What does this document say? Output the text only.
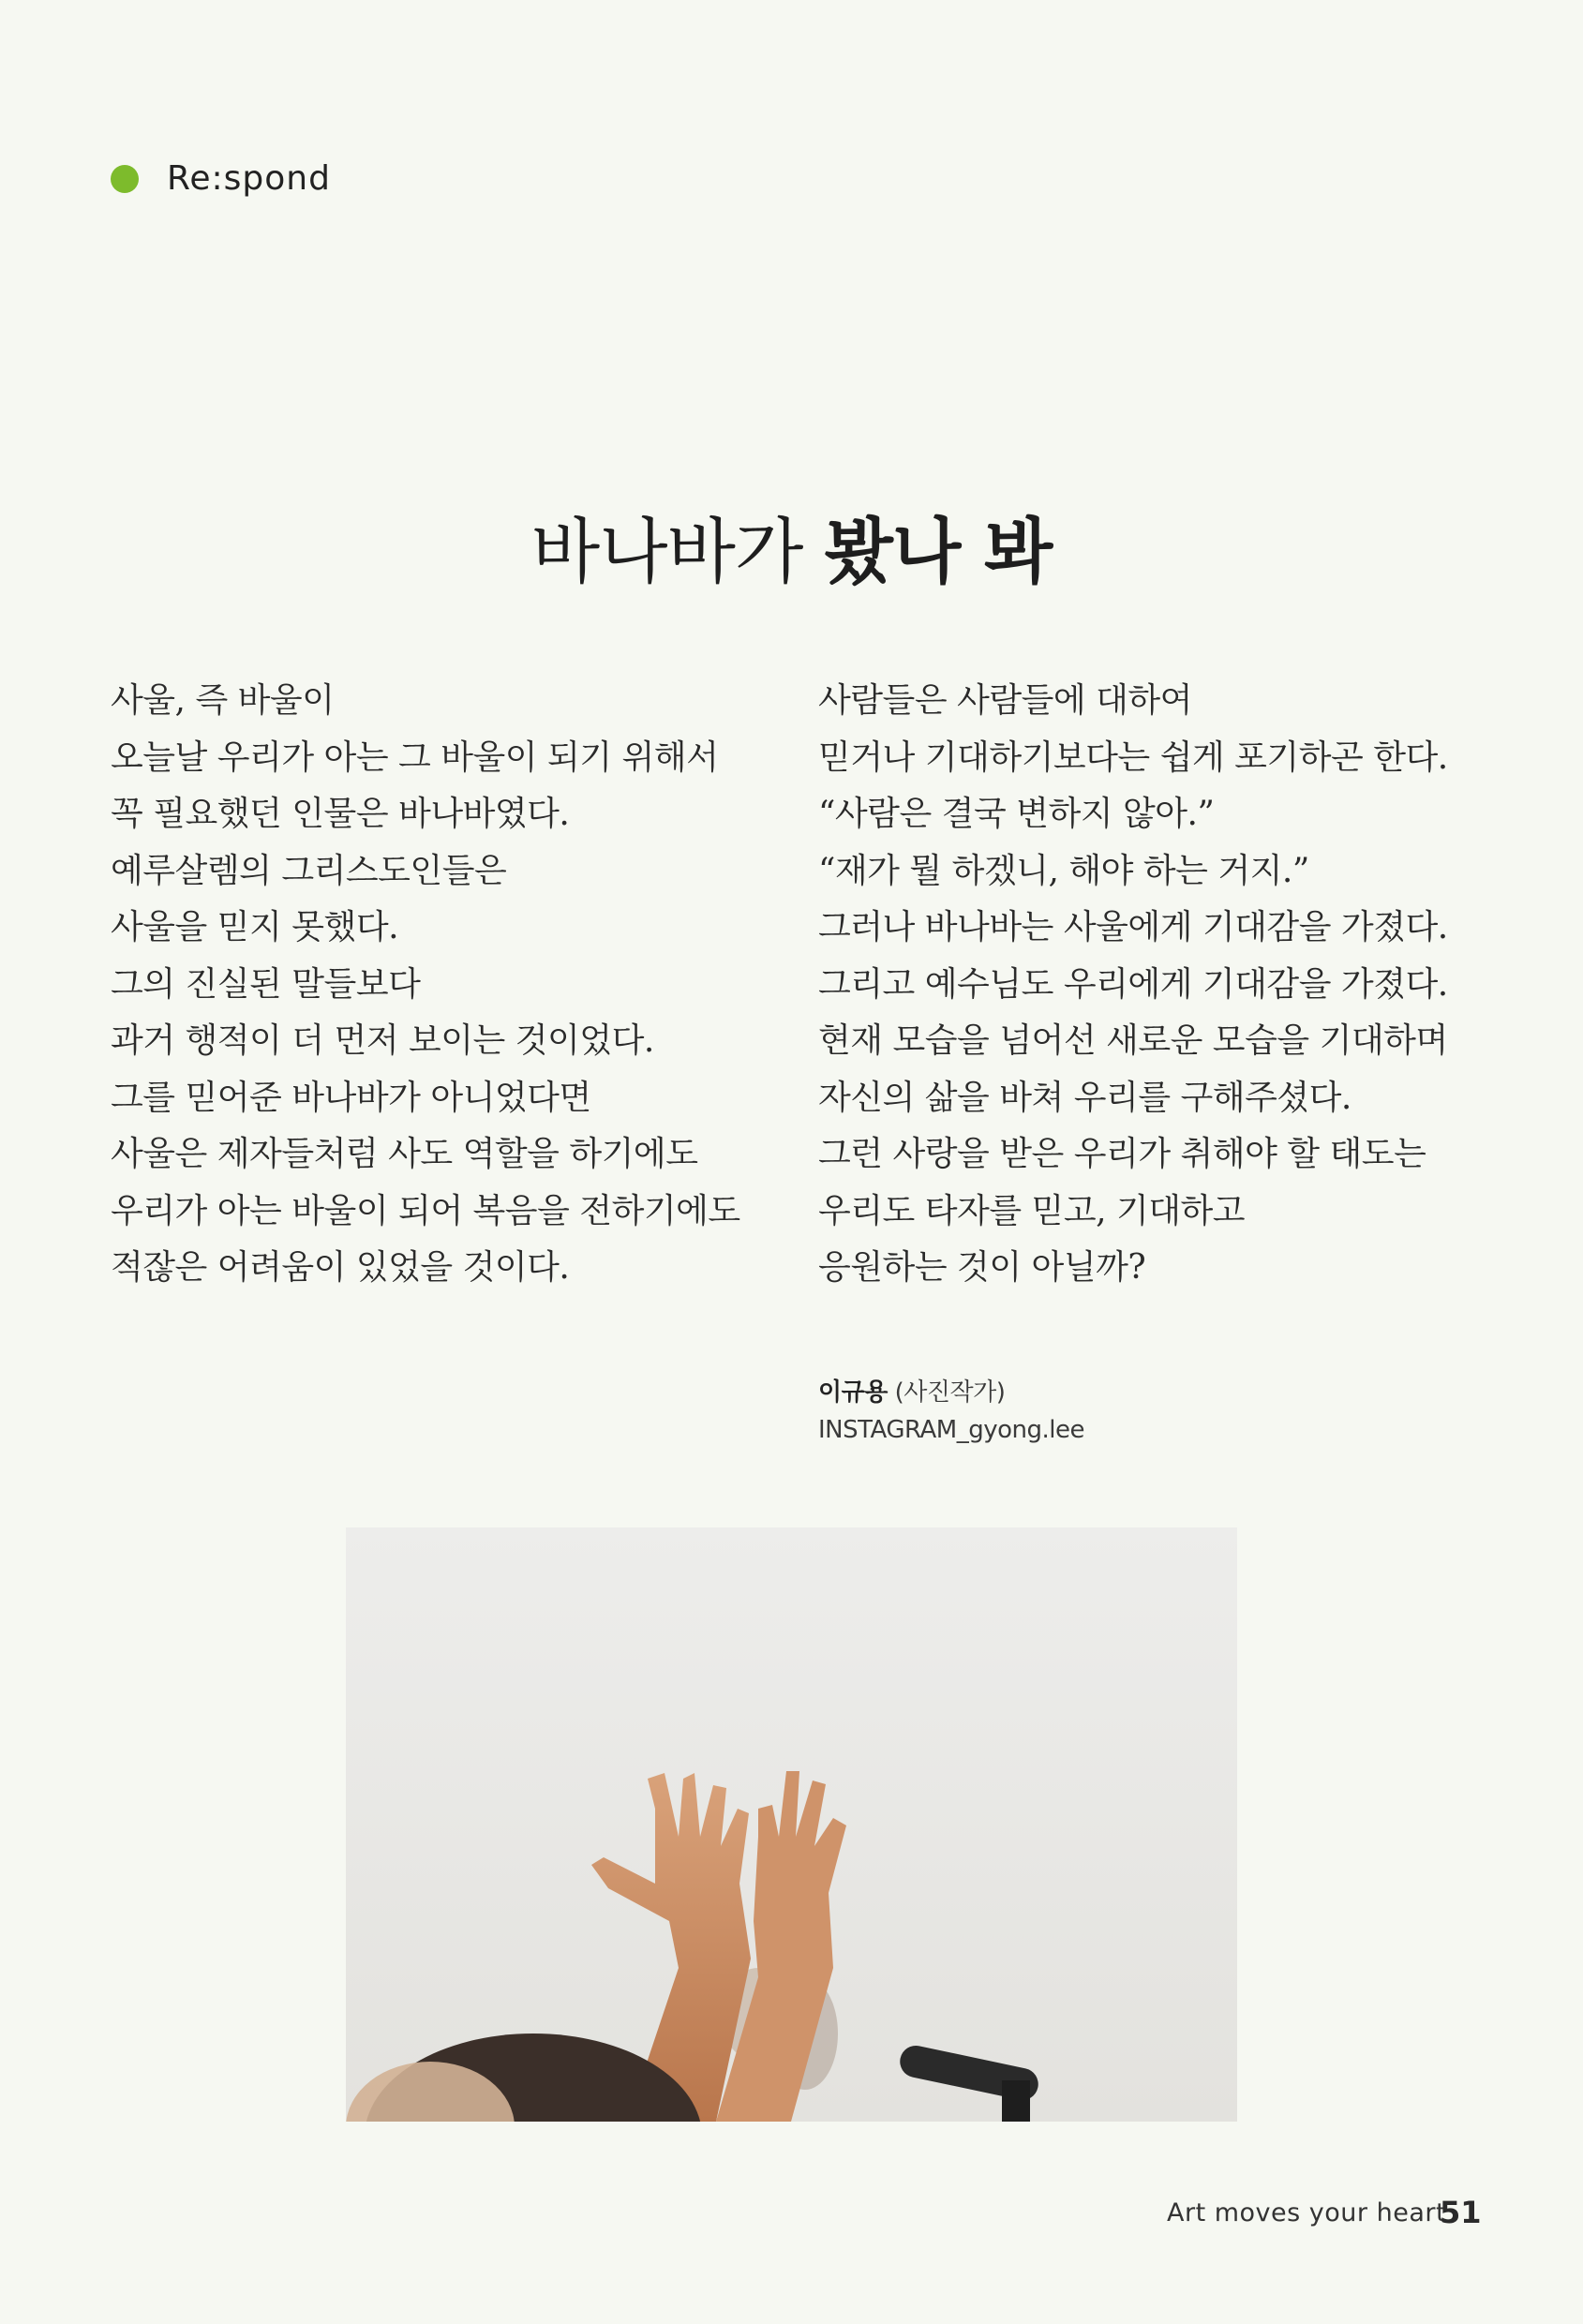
Re:spond
바나바가 봤나 봐
사울, 즉 바울이
오늘날 우리가 아는 그 바울이 되기 위해서
꼭 필요했던 인물은 바나바였다.
예루살렘의 그리스도인들은
사울을 믿지 못했다.
그의 진실된 말들보다
과거 행적이 더 먼저 보이는 것이었다.
그를 믿어준 바나바가 아니었다면
사울은 제자들처럼 사도 역할을 하기에도
우리가 아는 바울이 되어 복음을 전하기에도
적잖은 어려움이 있었을 것이다.
사람들은 사람들에 대하여
믿거나 기대하기보다는 쉽게 포기하곤 한다.
“사람은 결국 변하지 않아.”
“재가 뭘 하겠니, 해야 하는 거지.”
그러나 바나바는 사울에게 기대감을 가졌다.
그리고 예수님도 우리에게 기대감을 가졌다.
현재 모습을 넘어선 새로운 모습을 기대하며
자신의 삶을 바쳐 우리를 구해주셨다.
그런 사랑을 받은 우리가 취해야 할 태도는
우리도 타자를 믿고, 기대하고
응원하는 것이 아닐까?
이규용 (사진작가)
INSTAGRAM_gyong.lee
Art moves your heart
51
